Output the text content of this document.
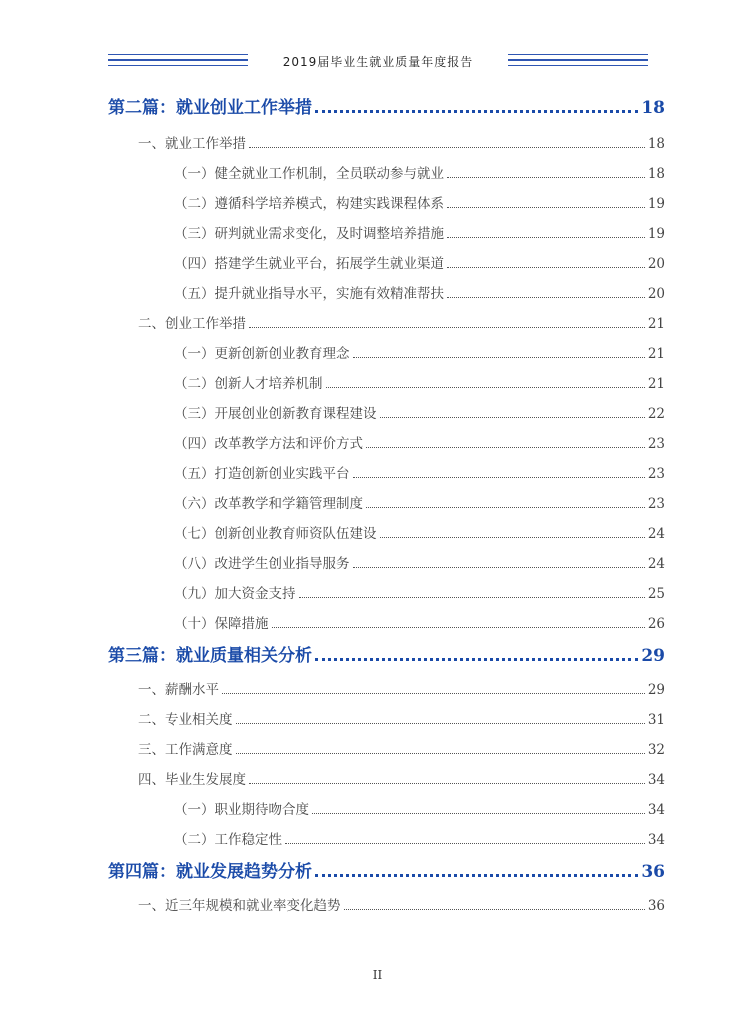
2019届毕业生就业质量年度报告
第二篇：就业创业工作举措	18
一、就业工作举措	18
（一）健全就业工作机制，全员联动参与就业	18
（二）遵循科学培养模式，构建实践课程体系	19
（三）研判就业需求变化，及时调整培养措施	19
（四）搭建学生就业平台，拓展学生就业渠道	20
（五）提升就业指导水平，实施有效精准帮扶	20
二、创业工作举措	21
（一）更新创新创业教育理念	21
（二）创新人才培养机制	21
（三）开展创业创新教育课程建设	22
（四）改革教学方法和评价方式	23
（五）打造创新创业实践平台	23
（六）改革教学和学籍管理制度	23
（七）创新创业教育师资队伍建设	24
（八）改进学生创业指导服务	24
（九）加大资金支持	25
（十）保障措施	26
第三篇：就业质量相关分析	29
一、薪酬水平	29
二、专业相关度	31
三、工作满意度	32
四、毕业生发展度	34
（一）职业期待吻合度	34
（二）工作稳定性	34
第四篇：就业发展趋势分析	36
一、近三年规模和就业率变化趋势	36
II
